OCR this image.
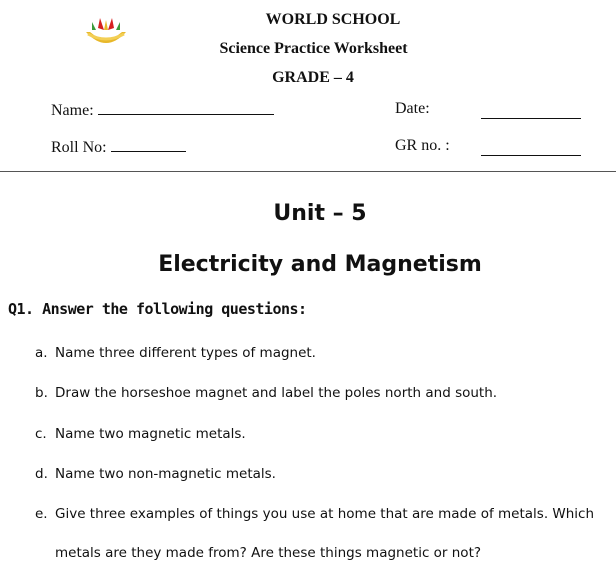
WORLD SCHOOL
Science Practice Worksheet
GRADE – 4
Name:	Date:
Roll No:	GR no. :
Unit – 5
Electricity and Magnetism
Q1. Answer the following questions:
a. Name three different types of magnet.
b. Draw the horseshoe magnet and label the poles north and south.
c. Name two magnetic metals.
d. Name two non-magnetic metals.
e. Give three examples of things you use at home that are made of metals. Which
metals are they made from? Are these things magnetic or not?
